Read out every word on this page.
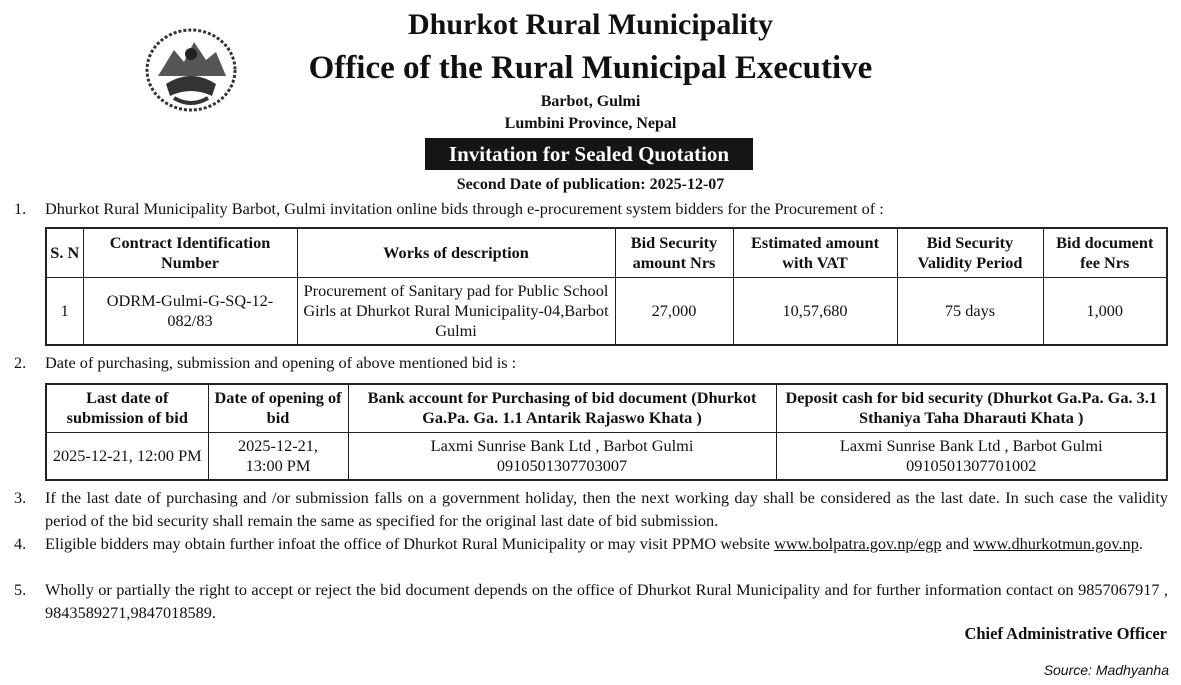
Dhurkot Rural Municipality
Office of the Rural Municipal Executive
Barbot, Gulmi
Lumbini Province, Nepal
Invitation for Sealed Quotation
Second Date of publication: 2025-12-07
1.	Dhurkot Rural Municipality Barbot, Gulmi invitation online bids through e-procurement system bidders for the Procurement of :
S. N	Contract Identification Number	Works of description	Bid Security amount Nrs	Estimated amount with VAT	Bid Security Validity Period	Bid document fee Nrs
1	ODRM-Gulmi-G-SQ-12-082/83	Procurement of Sanitary pad for Public School Girls at Dhurkot Rural Municipality-04,Barbot Gulmi	27,000	10,57,680	75 days	1,000
2.	Date of purchasing, submission and opening of above mentioned bid is :
Last date of submission of bid	Date of opening of bid	Bank account for Purchasing of bid document (Dhurkot Ga.Pa. Ga. 1.1 Antarik Rajaswo Khata )	Deposit cash for bid security (Dhurkot Ga.Pa. Ga. 3.1 Sthaniya Taha Dharauti Khata )
2025-12-21, 12:00 PM	2025-12-21, 13:00 PM	Laxmi Sunrise Bank Ltd , Barbot Gulmi 0910501307703007	Laxmi Sunrise Bank Ltd , Barbot Gulmi 0910501307701002
3.	If the last date of purchasing and /or submission falls on a government holiday, then the next working day shall be considered as the last date. In such case the validity period of the bid security shall remain the same as specified for the original last date of bid submission.
4.	Eligible bidders may obtain further infoat the office of Dhurkot Rural Municipality or may visit PPMO website www.bolpatra.gov.np/egp and www.dhurkotmun.gov.np.
5.	Wholly or partially the right to accept or reject the bid document depends on the office of Dhurkot Rural Municipality and for further information contact on 9857067917 , 9843589271,9847018589.
Chief Administrative Officer
Source: Madhyanha
